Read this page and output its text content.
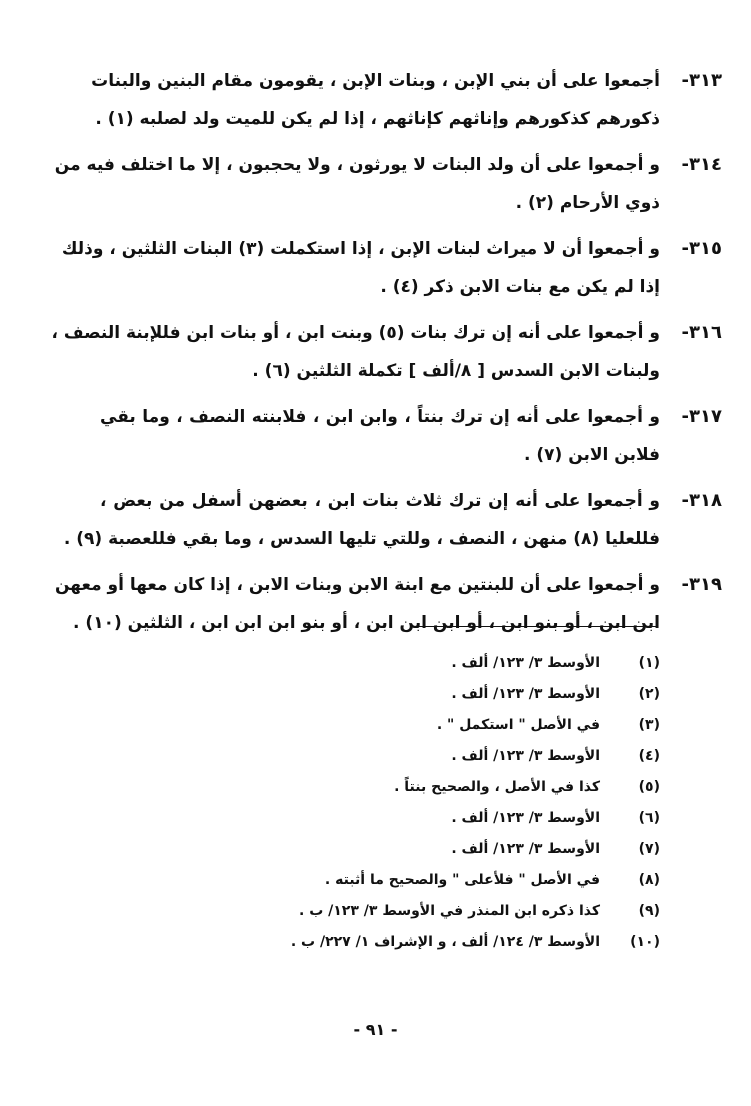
٣١٣-
أجمعوا على أن بني الإبن ، وبنات الإبن ، يقومون مقام البنين والبنات
ذكورهم كذكورهم وإناثهم كإناثهم ، إذا لم يكن للميت ولد لصلبه (١) .
٣١٤-
و أجمعوا على أن ولد البنات لا يورثون ، ولا يحجبون ، إلا ما اختلف فيه من
ذوي الأرحام (٢) .
٣١٥-
و أجمعوا أن لا ميراث لبنات الإبن ، إذا استكملت (٣) البنات الثلثين ، وذلك
إذا لم يكن مع بنات الابن ذكر (٤) .
٣١٦-
و أجمعوا على أنه إن ترك بنات (٥) وبنت ابن ، أو بنات ابن فللإبنة النصف ،
ولبنات الابن السدس [ ٨/ألف ] تكملة الثلثين (٦) .
٣١٧-
و أجمعوا على أنه إن ترك بنتاً ، وابن ابن ، فلابنته النصف ، وما بقي
فلابن الابن (٧) .
٣١٨-
و أجمعوا على أنه إن ترك ثلاث بنات ابن ، بعضهن أسفل من بعض ،
فللعليا (٨) منهن ، النصف ، وللتي تليها السدس ، وما بقي فللعصبة (٩) .
٣١٩-
و أجمعوا على أن للبنتين مع ابنة الابن وبنات الابن ، إذا كان معها أو معهن
ابن ابن ، أو بنو ابن ، أو ابن ابن ابن ، أو بنو ابن ابن ابن ، الثلثين (١٠) .
(١)
الأوسط ٣/ ١٢٣/ ألف .
(٢)
الأوسط ٣/ ١٢٣/ ألف .
(٣)
في الأصل " استكمل " .
(٤)
الأوسط ٣/ ١٢٣/ ألف .
(٥)
كذا في الأصل ، والصحيح بنتاً .
(٦)
الأوسط ٣/ ١٢٣/ ألف .
(٧)
الأوسط ٣/ ١٢٣/ ألف .
(٨)
في الأصل " فلأعلى " والصحيح ما أثبته .
(٩)
كذا ذكره ابن المنذر في الأوسط ٣/ ١٢٣/ ب .
(١٠)
الأوسط ٣/ ١٢٤/ ألف ، و الإشراف ١/ ٢٢٧/ ب .
- ٩١ -
